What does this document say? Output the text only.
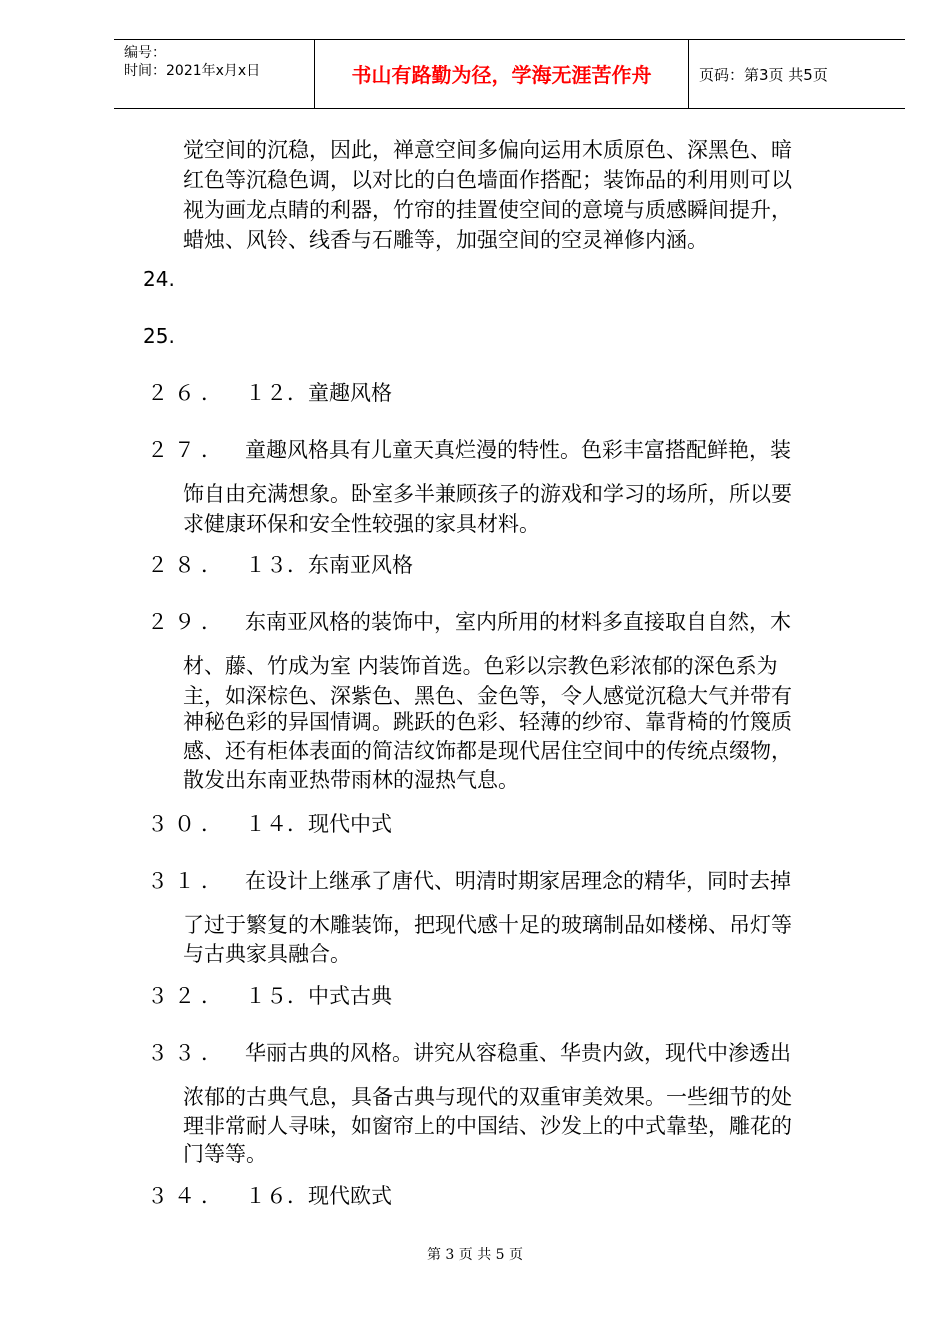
编号：
时间：2021年x月x日	书山有路勤为径，学海无涯苦作舟	页码：第3页 共5页
觉空间的沉稳，因此，禅意空间多偏向运用木质原色、深黑色、暗
红色等沉稳色调，以对比的白色墙面作搭配；装饰品的利用则可以
视为画龙点睛的利器，竹帘的挂置使空间的意境与质感瞬间提升，
蜡烛、风铃、线香与石雕等，加强空间的空灵禅修内涵。
24.
25.
２６． １２．童趣风格
２７． 童趣风格具有儿童天真烂漫的特性。色彩丰富搭配鲜艳，装
饰自由充满想象。卧室多半兼顾孩子的游戏和学习的场所，所以要
求健康环保和安全性较强的家具材料。
２８． １３．东南亚风格
２９． 东南亚风格的装饰中，室内所用的材料多直接取自自然，木
材、藤、竹成为室 内装饰首选。色彩以宗教色彩浓郁的深色系为
主，如深棕色、深紫色、黑色、金色等，令人感觉沉稳大气并带有
神秘色彩的异国情调。跳跃的色彩、轻薄的纱帘、靠背椅的竹篾质
感、还有柜体表面的简洁纹饰都是现代居住空间中的传统点缀物，
散发出东南亚热带雨林的湿热气息。
３０． １４．现代中式
３１． 在设计上继承了唐代、明清时期家居理念的精华，同时去掉
了过于繁复的木雕装饰，把现代感十足的玻璃制品如楼梯、吊灯等
与古典家具融合。
３２． １５．中式古典
３３． 华丽古典的风格。讲究从容稳重、华贵内敛，现代中渗透出
浓郁的古典气息，具备古典与现代的双重审美效果。一些细节的处
理非常耐人寻味，如窗帘上的中国结、沙发上的中式靠垫，雕花的
门等等。
３４． １６．现代欧式
第 3 页 共 5 页
